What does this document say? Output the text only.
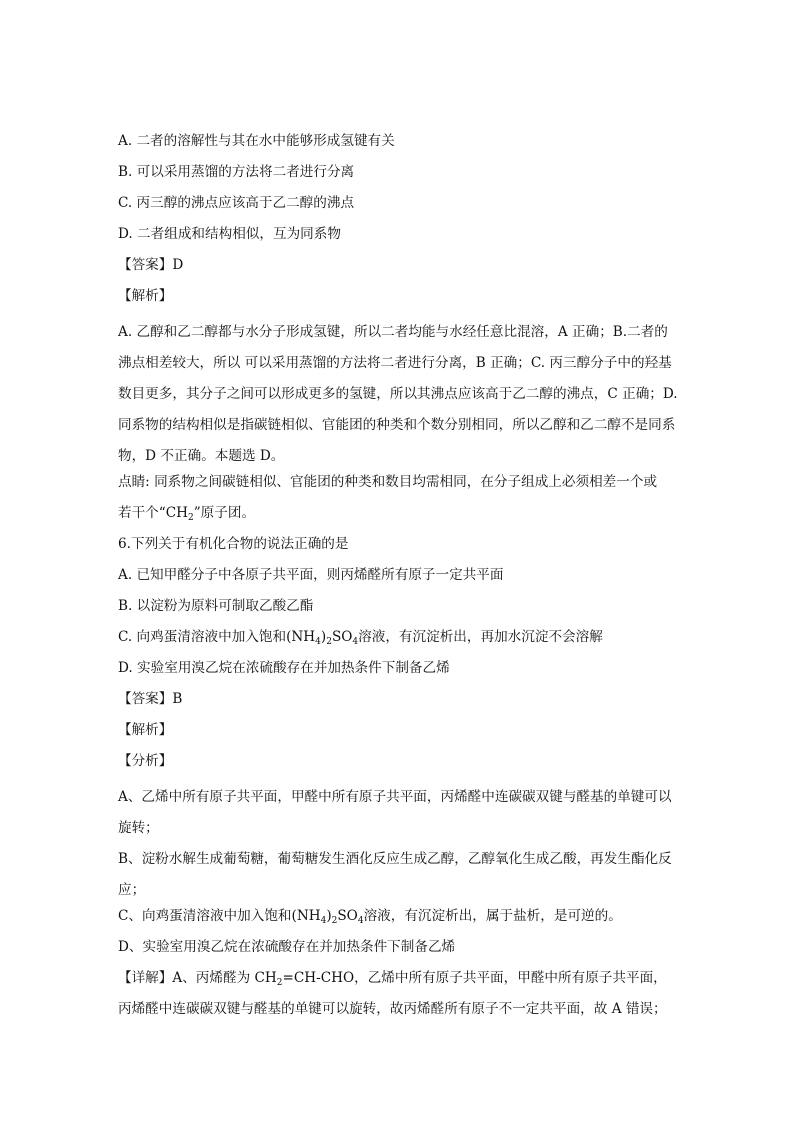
A. 二者的溶解性与其在水中能够形成氢键有关
B. 可以采用蒸馏的方法将二者进行分离
C. 丙三醇的沸点应该高于乙二醇的沸点
D. 二者组成和结构相似，互为同系物
【答案】D
【解析】
A. 乙醇和乙二醇都与水分子形成氢键，所以二者均能与水经任意比混溶，A 正确；B.二者的沸点相差较大，所以 可以采用蒸馏的方法将二者进行分离，B 正确；C. 丙三醇分子中的羟基数目更多，其分子之间可以形成更多的氢键，所以其沸点应该高于乙二醇的沸点，C 正确；D. 同系物的结构相似是指碳链相似、官能团的种类和个数分别相同，所以乙醇和乙二醇不是同系物，D 不正确。本题选 D。
点睛: 同系物之间碳链相似、官能团的种类和数目均需相同，在分子组成上必须相差一个或
若干个“$CH_2$”原子团。
6.下列关于有机化合物的说法正确的是
A. 已知甲醛分子中各原子共平面，则丙烯醛所有原子一定共平面
B. 以淀粉为原料可制取乙酸乙酯
C. 向鸡蛋清溶液中加入饱和$(NH_4)_2SO_4$溶液，有沉淀析出，再加水沉淀不会溶解
D. 实验室用溴乙烷在浓硫酸存在并加热条件下制备乙烯
【答案】B
【解析】
【分析】
A、乙烯中所有原子共平面，甲醛中所有原子共平面，丙烯醛中连碳碳双键与醛基的单键可以旋转；
B、淀粉水解生成葡萄糖，葡萄糖发生酒化反应生成乙醇，乙醇氧化生成乙酸，再发生酯化反应；
C、向鸡蛋清溶液中加入饱和$(NH_4)_2SO_4$溶液，有沉淀析出，属于盐析，是可逆的。
D、实验室用溴乙烷在浓硫酸存在并加热条件下制备乙烯
【详解】A、丙烯醛为 $CH_2=CH$-CHO，乙烯中所有原子共平面，甲醛中所有原子共平面，
丙烯醛中连碳碳双键与醛基的单键可以旋转，故丙烯醛所有原子不一定共平面，故 A 错误；
